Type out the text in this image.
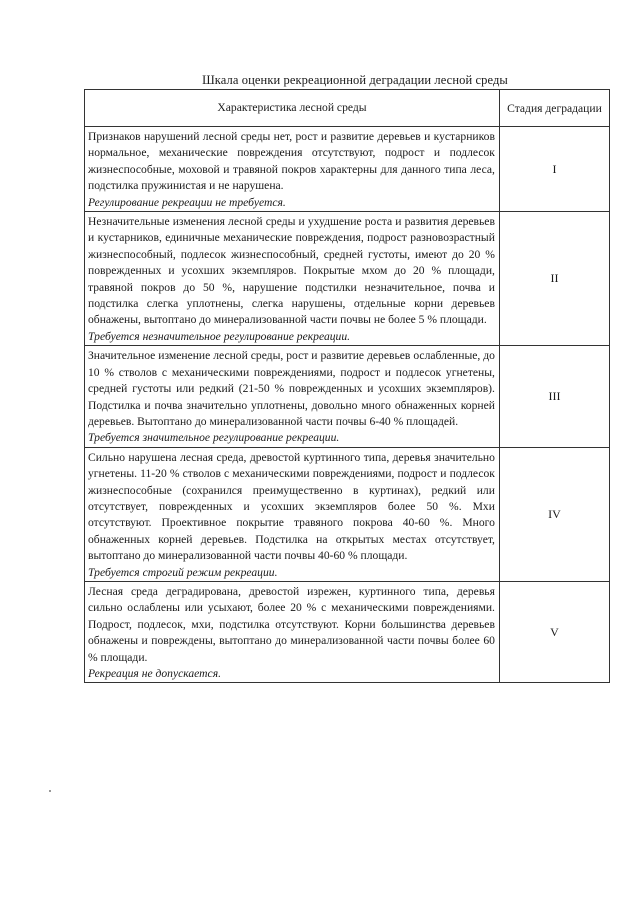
Шкала оценки рекреационной деградации лесной среды
Характеристика лесной среды	Стадия дегрaдации

Признаков нарушений лесной среды нет, рост и развитие деревьев и кустарников нормальное, механические повреждения отсутствуют, подрост и подлесок жизнеспособные, моховой и травяной покров характерны для данного типа леса, подстилка пружинистая и не нарушена.
Регулирование рекреации не требуется.	I

Незначительные изменения лесной среды и ухудшение роста и развития деревьев и кустарников, единичные механические повреждения, подрост разновозрастный жизнеспособный, подлесок жизнеспособный, средней густоты, имеют до 20 % поврежденных и усохших экземпляров. Покрытые мхом до 20 % площади, травяной покров до 50 %, нарушение подстилки незначительное, почва и подстилка слегка уплотнены, слегка нарушены, отдельные корни деревьев обнажены, вытоптано до минерализованной части почвы не более 5 % площади.
Требуется незначительное регулирование рекреации.	II

Значительное изменение лесной среды, рост и развитие деревьев ослабленные, до 10 % стволов с механическими повреждениями, подрост и подлесок угнетены, средней густоты или редкий (21-50 % поврежденных и усохших экземпляров). Подстилка и почва значительно уплотнены, довольно много обнаженных корней деревьев. Вытоптано до минерализованной части почвы 6-40 % площадей.
Требуется значительное регулирование рекреации.	III

Сильно нарушена лесная среда, древостой куртинного типа, деревья значительно угнетены. 11-20 % стволов с механическими повреждениями, подрост и подлесок жизнеспособные (сохранился преимущественно в куртинах), редкий или отсутствует, поврежденных и усохших экземпляров более 50 %. Мхи отсутствуют. Проективное покрытие травяного покрова 40-60 %. Много обнаженных корней деревьев. Подстилка на открытых местах отсутствует, вытоптано до минерализованной части почвы 40-60 % площади.
Требуется строгий режим рекреации.	IV

Лесная среда деградирована, древостой изрежен, куртинного типа, деревья сильно ослаблены или усыхают, более 20 % с механическими повреждениями. Подрост, подлесок, мхи, подстилка отсутствуют. Корни большинства деревьев обнажены и повреждены, вытоптано до минерализованной части почвы более 60 % площади.
Рекреация не допускается.	V
